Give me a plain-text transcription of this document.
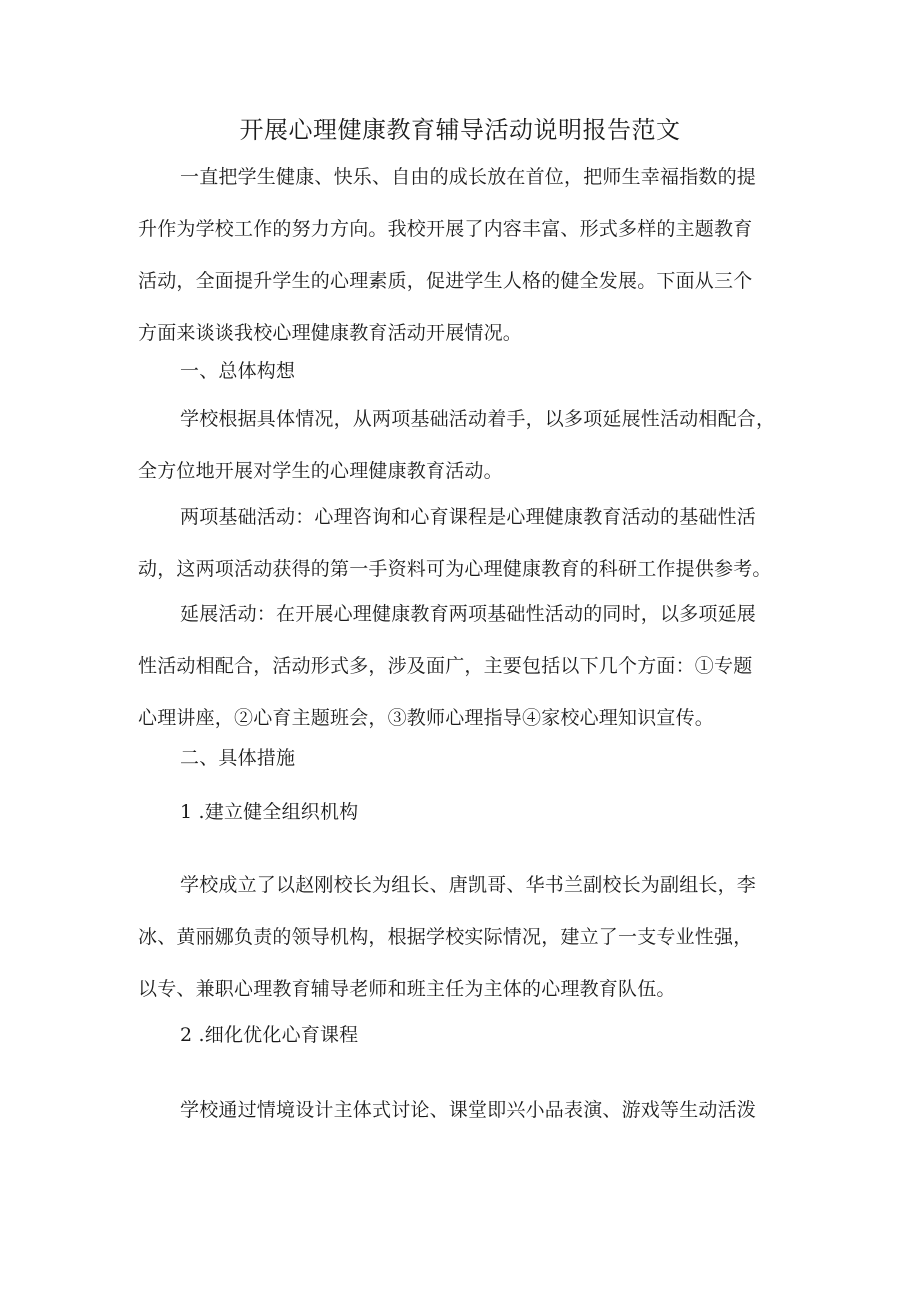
开展心理健康教育辅导活动说明报告范文
一直把学生健康、快乐、自由的成长放在首位，把师生幸福指数的提
升作为学校工作的努力方向。我校开展了内容丰富、形式多样的主题教育
活动，全面提升学生的心理素质，促进学生人格的健全发展。下面从三个
方面来谈谈我校心理健康教育活动开展情况。
一、总体构想
学校根据具体情况，从两项基础活动着手，以多项延展性活动相配合，
全方位地开展对学生的心理健康教育活动。
两项基础活动：心理咨询和心育课程是心理健康教育活动的基础性活
动，这两项活动获得的第一手资料可为心理健康教育的科研工作提供参考。
延展活动：在开展心理健康教育两项基础性活动的同时，以多项延展
性活动相配合，活动形式多，涉及面广，主要包括以下几个方面：①专题
心理讲座，②心育主题班会，③教师心理指导④家校心理知识宣传。
二、具体措施
1 .建立健全组织机构
学校成立了以赵刚校长为组长、唐凯哥、华书兰副校长为副组长，李
冰、黄丽娜负责的领导机构，根据学校实际情况，建立了一支专业性强，
以专、兼职心理教育辅导老师和班主任为主体的心理教育队伍。
2 .细化优化心育课程
学校通过情境设计主体式讨论、课堂即兴小品表演、游戏等生动活泼
